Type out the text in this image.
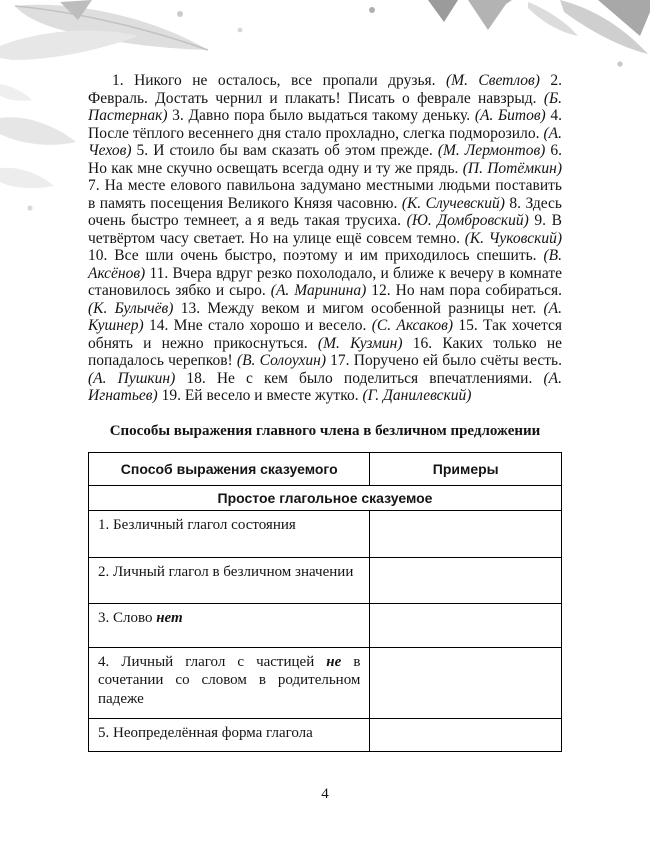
1. Никого не осталось, все пропали друзья. (М. Светлов) 2. Февраль. Достать чернил и плакать! Писать о феврале навзрыд. (Б. Пастернак) 3. Давно пора было выдаться такому деньку. (А. Битов) 4. После тёплого весеннего дня стало прохладно, слегка подморозило. (А. Чехов) 5. И стоило бы вам сказать об этом прежде. (М. Лермонтов) 6. Но как мне скучно освещать всегда одну и ту же прядь. (П. Потёмкин) 7. На месте елового павильона задумано местными людьми поставить в память посещения Великого Князя часовню. (К. Случевский) 8. Здесь очень быстро темнеет, а я ведь такая трусиха. (Ю. Домбровский) 9. В четвёртом часу светает. Но на улице ещё совсем темно. (К. Чуковский) 10. Все шли очень быстро, поэтому и им приходилось спешить. (В. Аксёнов) 11. Вчера вдруг резко похолодало, и ближе к вечеру в комнате становилось зябко и сыро. (А. Маринина) 12. Но нам пора собираться. (К. Булычёв) 13. Между веком и мигом особенной разницы нет. (А. Кушнер) 14. Мне стало хорошо и весело. (С. Аксаков) 15. Так хочется обнять и нежно прикоснуться. (М. Кузмин) 16. Каких только не попадалось черепков! (В. Солоухин) 17. Поручено ей было счёты весть. (А. Пушкин) 18. Не с кем было поделиться впечатлениями. (А. Игнатьев) 19. Ей весело и вместе жутко. (Г. Данилевский)

Способы выражения главного члена в безличном предложении
Способ выражения сказуемого	Примеры
Простое глагольное сказуемое	
1. Безличный глагол состояния	
2. Личный глагол в безличном значении	
3. Слово нет	
4. Личный глагол с частицей не в сочетании со словом в родительном падеже	
5. Неопределённая форма глагола	
4
